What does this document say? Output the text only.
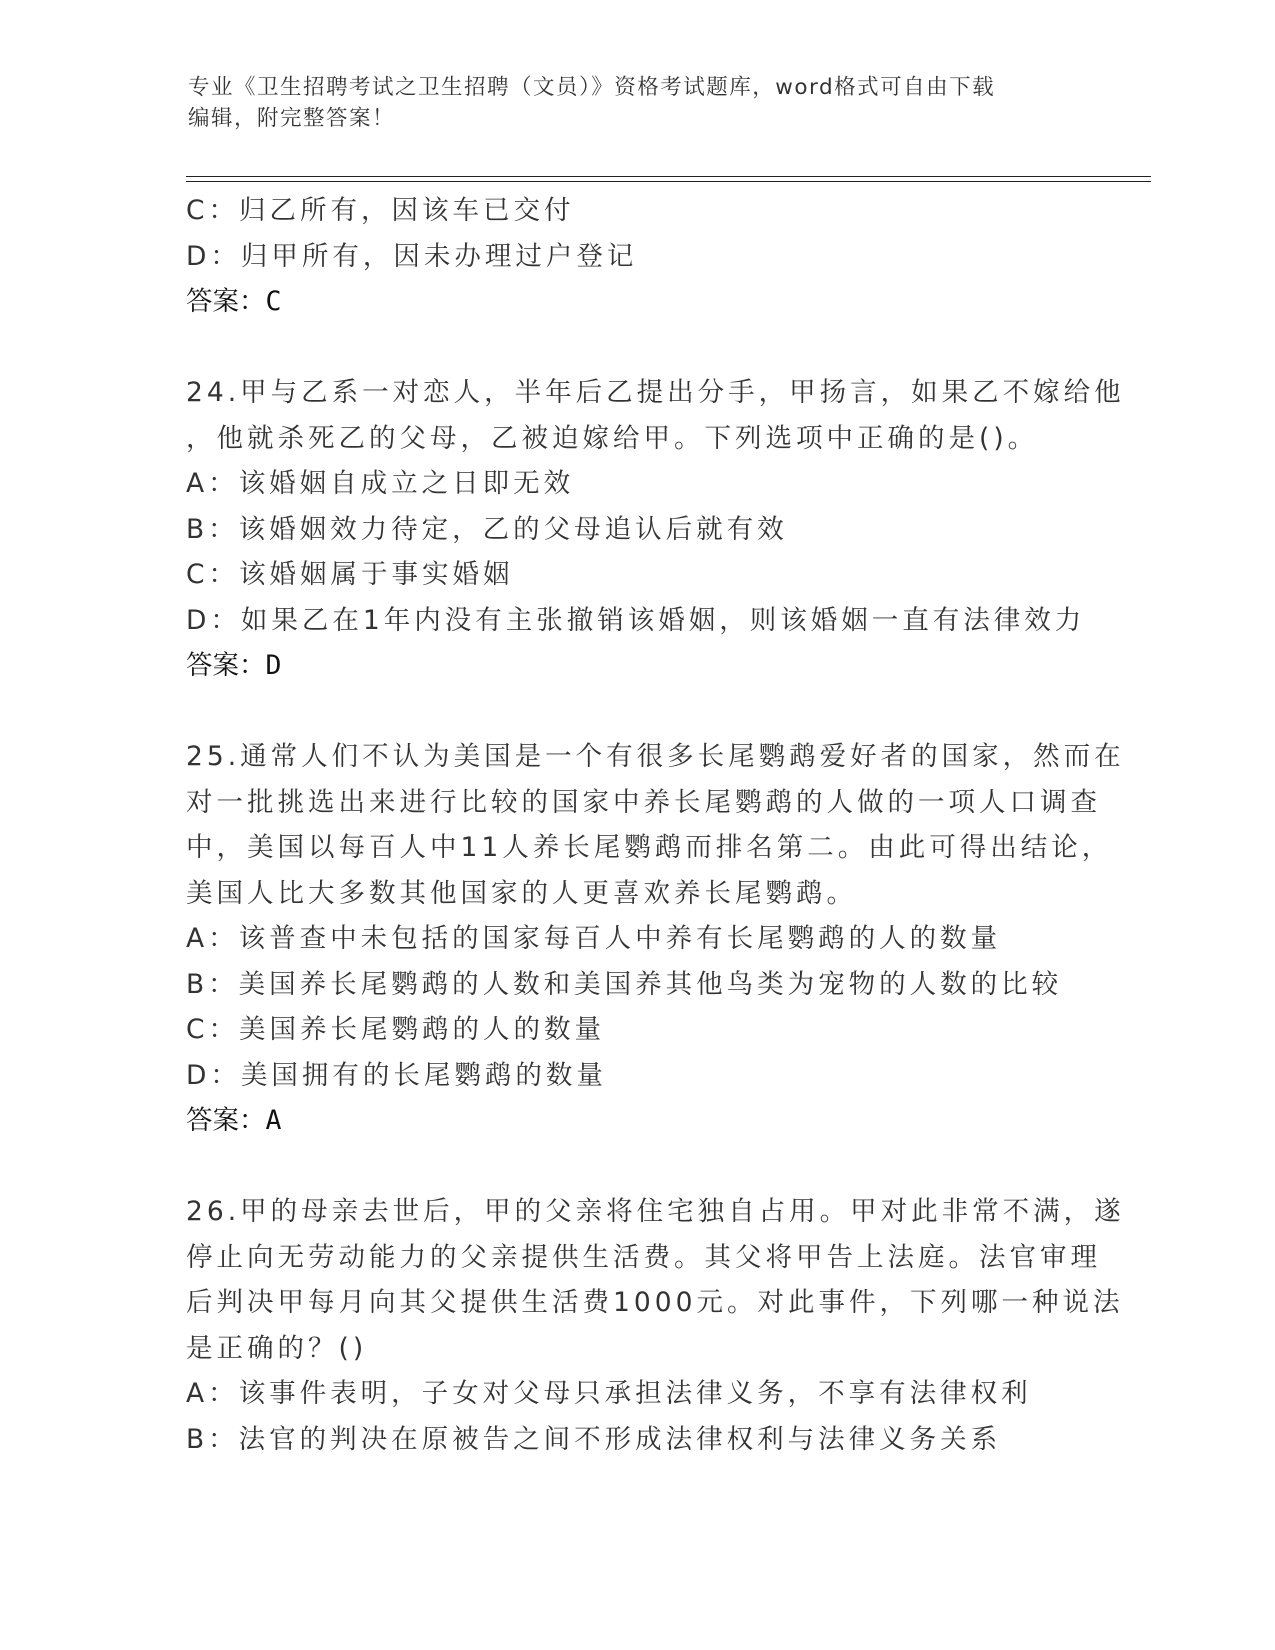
专业《卫生招聘考试之卫生招聘（文员）》资格考试题库，word格式可自由下载
编辑，附完整答案！

C：归乙所有，因该车已交付

D：归甲所有，因未办理过户登记

答案：C

24.甲与乙系一对恋人，半年后乙提出分手，甲扬言，如果乙不嫁给他

，他就杀死乙的父母，乙被迫嫁给甲。下列选项中正确的是()。

A：该婚姻自成立之日即无效

B：该婚姻效力待定，乙的父母追认后就有效

C：该婚姻属于事实婚姻

D：如果乙在1年内没有主张撤销该婚姻，则该婚姻一直有法律效力

答案：D

25.通常人们不认为美国是一个有很多长尾鹦鹉爱好者的国家，然而在

对一批挑选出来进行比较的国家中养长尾鹦鹉的人做的一项人口调查

中，美国以每百人中11人养长尾鹦鹉而排名第二。由此可得出结论，

美国人比大多数其他国家的人更喜欢养长尾鹦鹉。

A：该普查中未包括的国家每百人中养有长尾鹦鹉的人的数量

B：美国养长尾鹦鹉的人数和美国养其他鸟类为宠物的人数的比较

C：美国养长尾鹦鹉的人的数量

D：美国拥有的长尾鹦鹉的数量

答案：A

26.甲的母亲去世后，甲的父亲将住宅独自占用。甲对此非常不满，遂

停止向无劳动能力的父亲提供生活费。其父将甲告上法庭。法官审理

后判决甲每月向其父提供生活费1000元。对此事件，下列哪一种说法

是正确的？()

A：该事件表明，子女对父母只承担法律义务，不享有法律权利

B：法官的判决在原被告之间不形成法律权利与法律义务关系
